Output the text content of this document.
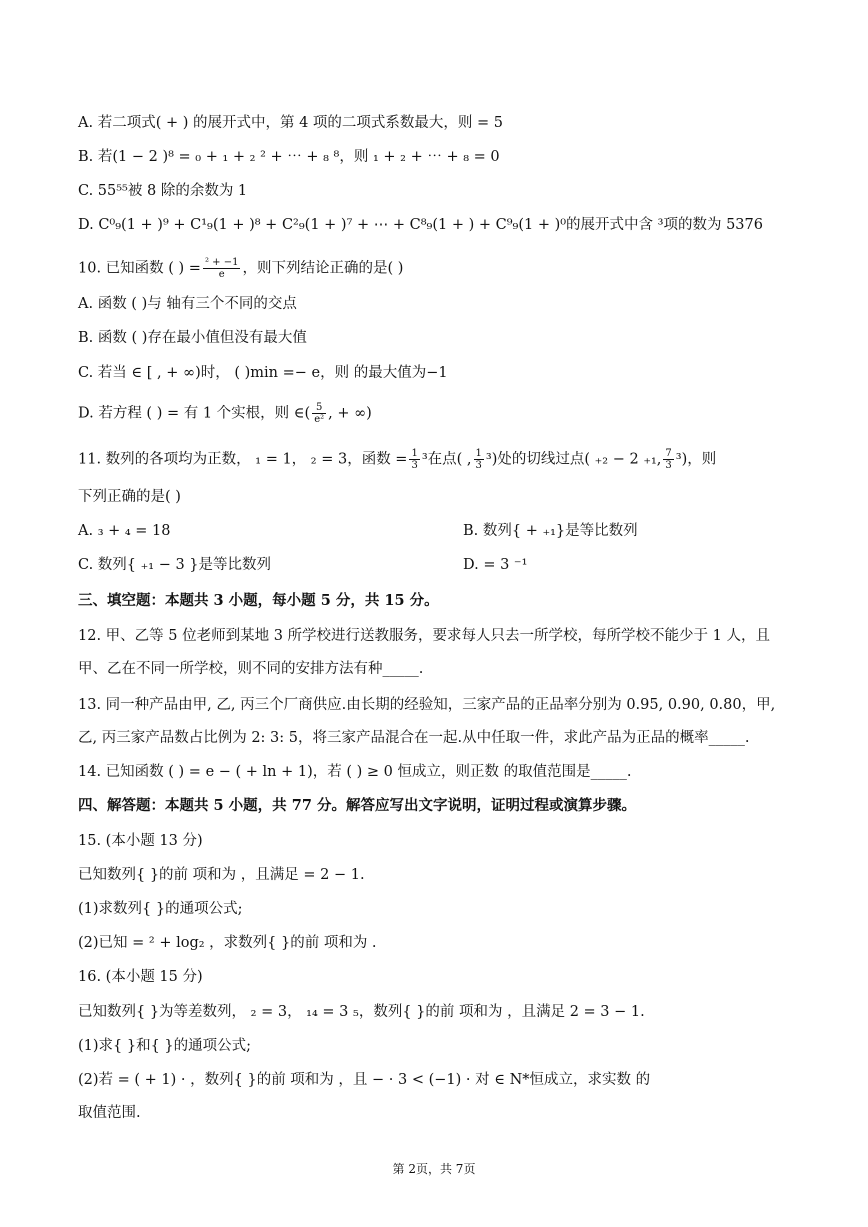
A. 若二项式( + ) 的展开式中，第 4 项的二项式系数最大，则 = 5
B. 若(1 − 2 )⁸ = ₀ + ₁ + ₂ ² + ⋯ + ₈ ⁸，则 ₁ + ₂ + ⋯ + ₈ = 0
C. 55⁵⁵被 8 除的余数为 1
D. C⁰₉(1 + )⁹ + C¹₉(1 + )⁸ + C²₉(1 + )⁷ + ⋯ + C⁸₉(1 + ) + C⁹₉(1 + )⁰的展开式中含 ³项的数为 5376
10. 已知函数 ( ) = $\frac{\text{² + −1}}{e}$ ，则下列结论正确的是( )
A. 函数 ( )与 轴有三个不同的交点
B. 函数 ( )存在最小值但没有最大值
C. 若当 ∈ [ , + ∞)时， ( )min =− e，则 的最大值为−1
D. 若方程 ( ) = 有 1 个实根，则 ∈( $\frac{5}{\text{e²}}$ , + ∞)
11. 数列的各项均为正数， ₁ = 1， ₂ = 3，函数 = $\frac{1}{3} ^3$在点( , $\frac{1}{3} ^3$)处的切线过点( ₊₂ − 2 ₊₁, $\frac{7}{3} ^3$)，则
下列正确的是( )
A. ₃ + ₄ = 18	B. 数列{ + ₊₁}是等比数列
C. 数列{ ₊₁ − 3 }是等比数列	D. = 3 ⁻¹
三、填空题：本题共 3 小题，每小题 5 分，共 15 分。
12. 甲、乙等 5 位老师到某地 3 所学校进行送教服务，要求每人只去一所学校，每所学校不能少于 1 人，且
甲、乙在不同一所学校，则不同的安排方法有种_____.
13. 同一种产品由甲, 乙, 丙三个厂商供应.由长期的经验知，三家产品的正品率分别为 0.95, 0.90, 0.80，甲,
乙, 丙三家产品数占比例为 2: 3: 5，将三家产品混合在一起.从中任取一件，求此产品为正品的概率_____.
14. 已知函数 ( ) = e − ( + ln + 1)，若 ( ) ≥ 0 恒成立，则正数 的取值范围是_____.
四、解答题：本题共 5 小题，共 77 分。解答应写出文字说明，证明过程或演算步骤。
15. (本小题 13 分)
已知数列{ }的前 项和为 ，且满足 = 2 − 1.
(1)求数列{ }的通项公式;
(2)已知 = ² + log₂ ，求数列{ }的前 项和为 .
16. (本小题 15 分)
已知数列{ }为等差数列， ₂ = 3， ₁₄ = 3 ₅，数列{ }的前 项和为 ，且满足 2 = 3 − 1.
(1)求{ }和{ }的通项公式;
(2)若 = ( + 1) · ，数列{ }的前 项和为 ，且 − · 3 < (−1) · 对 ∈ N*恒成立，求实数 的
取值范围.
第 2页，共 7页
